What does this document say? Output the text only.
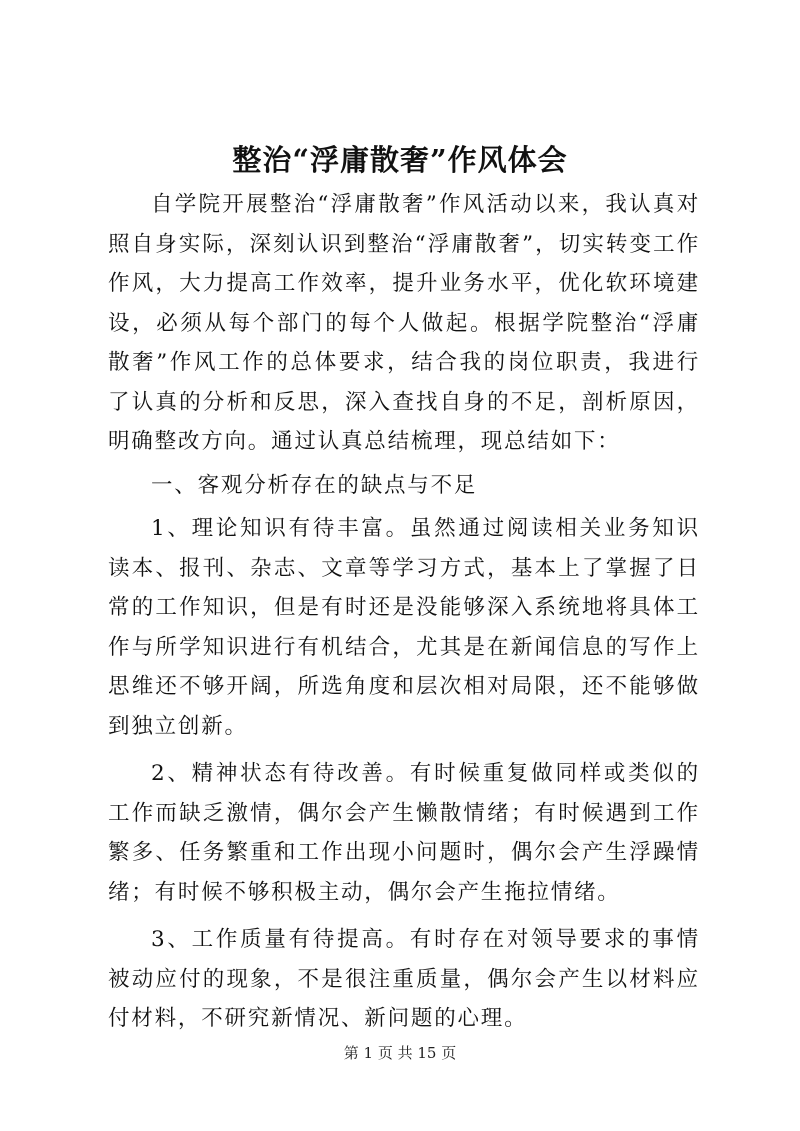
整治“浮庸散奢”作风体会

自学院开展整治“浮庸散奢”作风活动以来，我认真对照自身实际，深刻认识到整治“浮庸散奢”，切实转变工作作风，大力提高工作效率，提升业务水平，优化软环境建设，必须从每个部门的每个人做起。根据学院整治“浮庸散奢”作风工作的总体要求，结合我的岗位职责，我进行了认真的分析和反思，深入查找自身的不足，剖析原因，明确整改方向。通过认真总结梳理，现总结如下：

一、客观分析存在的缺点与不足

1、理论知识有待丰富。虽然通过阅读相关业务知识读本、报刊、杂志、文章等学习方式，基本上了掌握了日常的工作知识，但是有时还是没能够深入系统地将具体工作与所学知识进行有机结合，尤其是在新闻信息的写作上思维还不够开阔，所选角度和层次相对局限，还不能够做到独立创新。

2、精神状态有待改善。有时候重复做同样或类似的工作而缺乏激情，偶尔会产生懒散情绪；有时候遇到工作繁多、任务繁重和工作出现小问题时，偶尔会产生浮躁情绪；有时候不够积极主动，偶尔会产生拖拉情绪。

3、工作质量有待提高。有时存在对领导要求的事情被动应付的现象，不是很注重质量，偶尔会产生以材料应付材料，不研究新情况、新问题的心理。

第 1 页 共 15 页
